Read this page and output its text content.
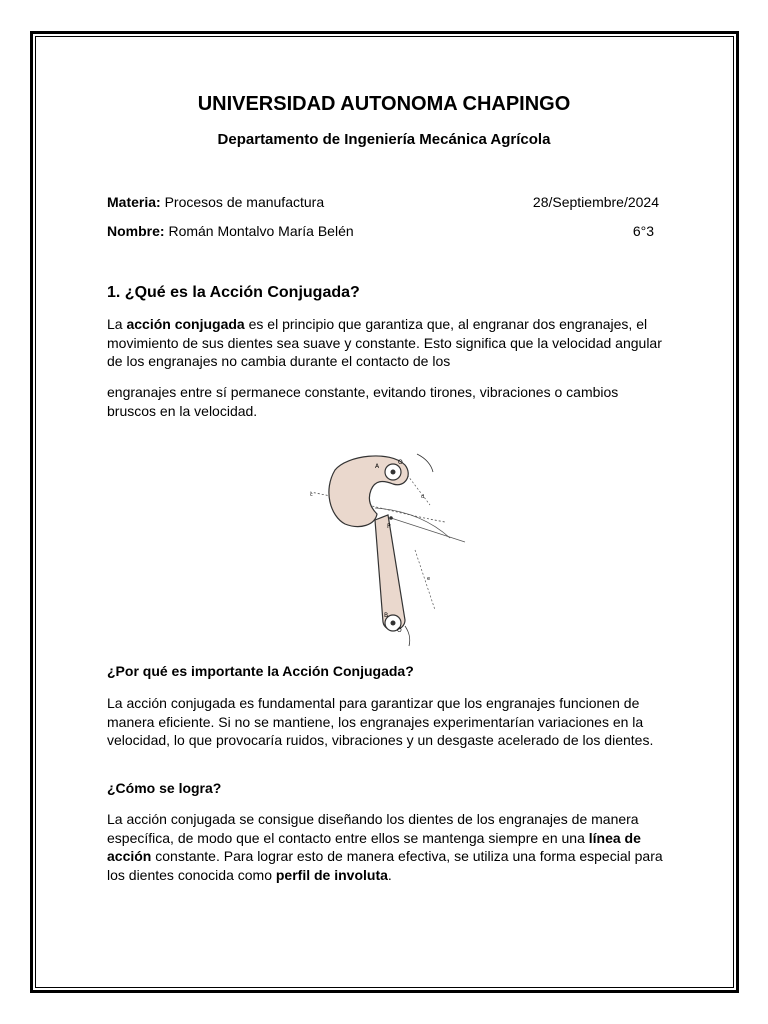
UNIVERSIDAD AUTONOMA CHAPINGO
Departamento de Ingeniería Mecánica Agrícola
Materia: Procesos de manufactura	28/Septiembre/2024
Nombre: Román Montalvo María Belén	6°3
1. ¿Qué es la Acción Conjugada?
La acción conjugada es el principio que garantiza que, al engranar dos engranajes, el movimiento de sus dientes sea suave y constante. Esto significa que la velocidad angular de los engranajes no cambia durante el contacto de los
engranajes entre sí permanece constante, evitando tirones, vibraciones o cambios bruscos en la velocidad.
A
O
P
B
O
c	d
e
¿Por qué es importante la Acción Conjugada?
La acción conjugada es fundamental para garantizar que los engranajes funcionen de manera eficiente. Si no se mantiene, los engranajes experimentarían variaciones en la velocidad, lo que provocaría ruidos, vibraciones y un desgaste acelerado de los dientes.
¿Cómo se logra?
La acción conjugada se consigue diseñando los dientes de los engranajes de manera específica, de modo que el contacto entre ellos se mantenga siempre en una línea de acción constante. Para lograr esto de manera efectiva, se utiliza una forma especial para los dientes conocida como perfil de involuta.
